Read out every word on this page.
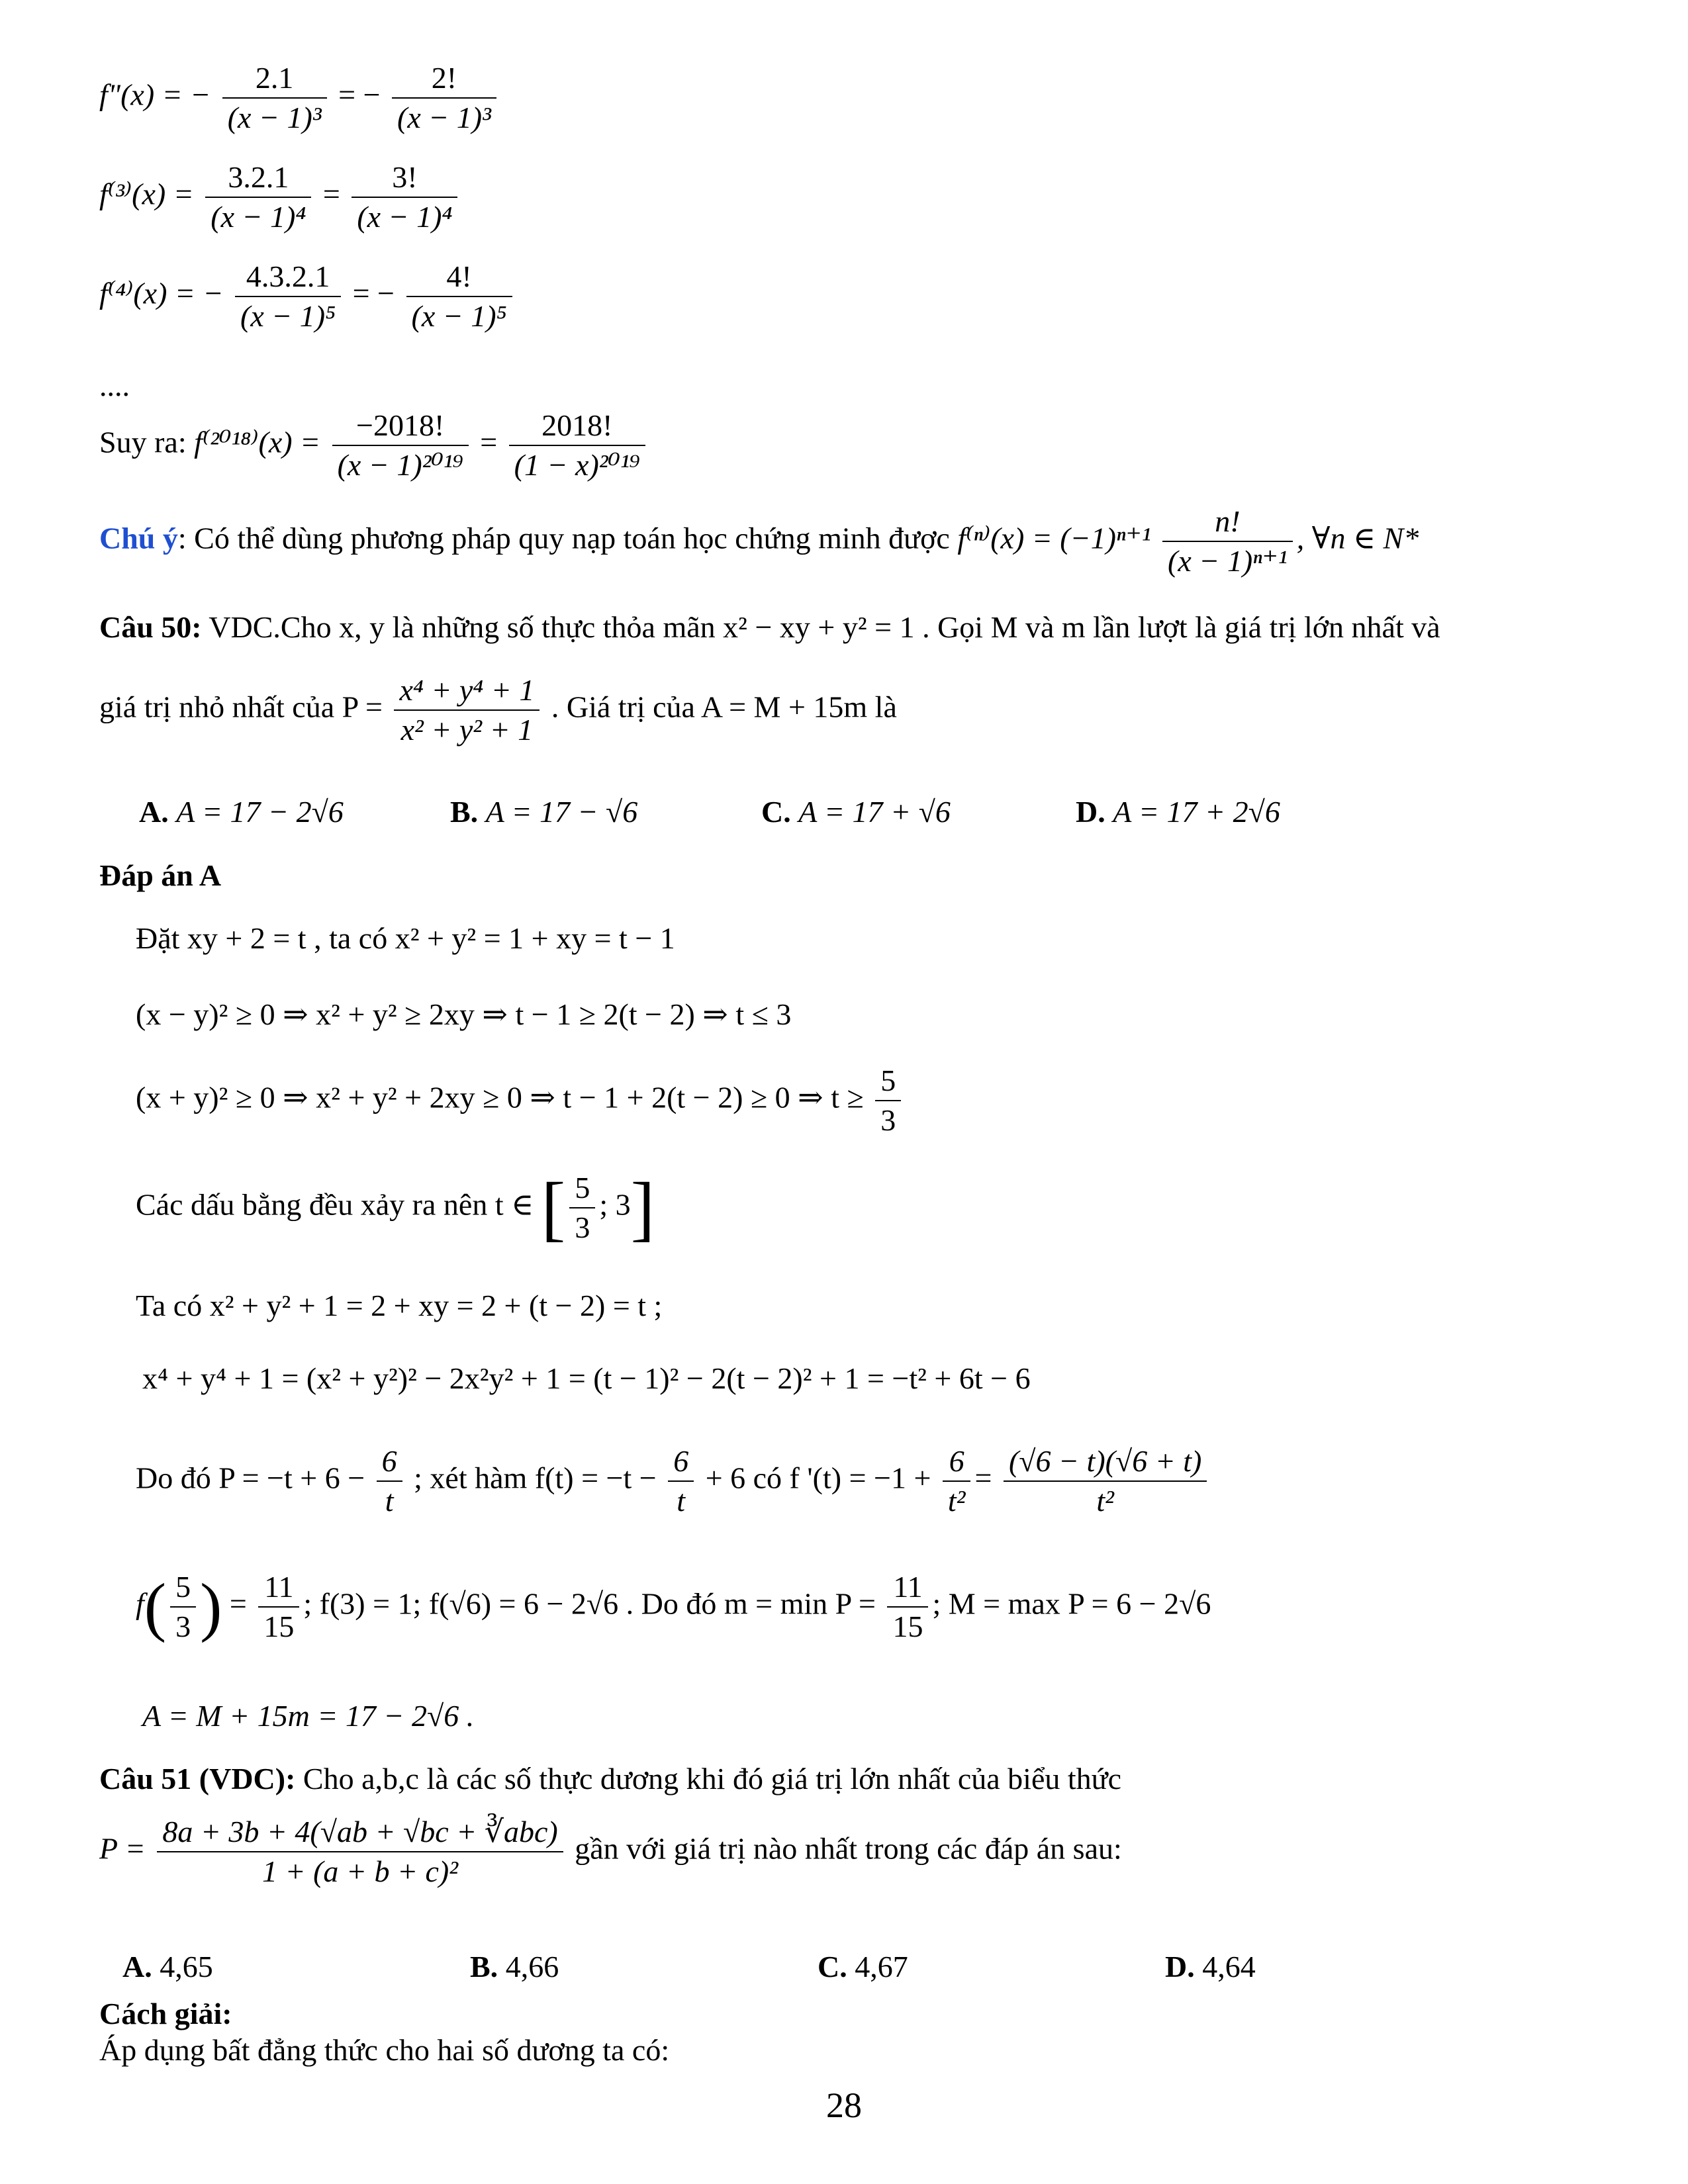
f"(x) = − $\frac{2.1}{\text{(x − 1)³}}$ = − $\frac{2!}{\text{(x − 1)³}}$
$f^{(3)}(x) = \frac{3.2.1}{\text{(x − 1)⁴}} = \frac{3!}{\text{(x − 1)⁴}}$
f⁽⁴⁾(x) = − $\frac{4.3.2.1}{\text{(x − 1)⁵}}$ = − $\frac{4!}{\text{(x − 1)⁵}}$
....
Suy ra: $f^{(2018)}(x) = \frac{-2018!}{\text{(x − 1)²⁰¹⁹}} = \frac{2018!}{\text{(1 − x)²⁰¹⁹}}$
Chú ý: Có thể dùng phương pháp quy nạp toán học chứng minh được $f^{(n)}(x) = (-1)^{n+1} \frac{n!}{\text{(x − 1)ⁿ⁺¹}}$ , ∀n ∈ N*
Câu 50: VDC.Cho x, y là những số thực thỏa mãn x² − xy + y² = 1 . Gọi M và m lần lượt là giá trị lớn nhất và
giá trị nhỏ nhất của $P = \frac{\text{x⁴ + y⁴ + 1}}{\text{x² + y² + 1}}$ . Giá trị của A = M + 15m là
A. A = 17 − 2√6	B. A = 17 − √6	C. A = 17 + √6	D. A = 17 + 2√6
Đáp án A
Đặt xy + 2 = t , ta có x² + y² = 1 + xy = t − 1
(x − y)² ≥ 0 ⇒ x² + y² ≥ 2xy ⇒ t − 1 ≥ 2(t − 2) ⇒ t ≤ 3
(x + y)² ≥ 0 ⇒ x² + y² + 2xy ≥ 0 ⇒ t − 1 + 2(t − 2) ≥ 0 ⇒ $t \ge \frac{5}{3}$
Các dấu bằng đều xảy ra nên t ∈ [ $\frac{5}{3}$ ; 3]
Ta có x² + y² + 1 = 2 + xy = 2 + (t − 2) = t ;
x⁴ + y⁴ + 1 = (x² + y²)² − 2x²y² + 1 = (t − 1)² − 2(t − 2)² + 1 = −t² + 6t − 6
Do đó $P = -t + 6 - \frac{6}{t}$ ; xét hàm $f(t) = -t - \frac{6}{t} + 6$ có f '$(t) = -1 + \frac{6}{\text{t²}} = \frac{(√6 - t)(√6 + t)}{\text{t²}}$
$f( \frac{5}{3}$ ) = $\frac{11}{15}$ ; f(3) = 1; f(√6) = 6 − 2√6 . Do đó $m = \min P = \frac{11}{15}$ ; M = max P = 6 − 2√6
A = M + 15m = 17 − 2√6 .
Câu 51 (VDC): Cho a,b,c là các số thực dương khi đó giá trị lớn nhất của biểu thức
$P = \frac{\text{8a + 3b + 4(√ab + √bc + ∛abc)}}{\text{1 + (a + b + c)²}}$ gần với giá trị nào nhất trong các đáp án sau:
A. 4,65	B. 4,66	C. 4,67	D. 4,64
Cách giải:
Áp dụng bất đẳng thức cho hai số dương ta có:
28
